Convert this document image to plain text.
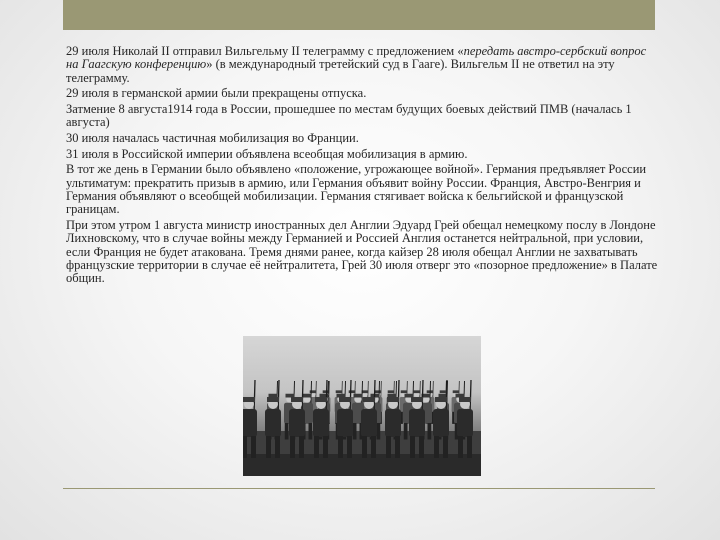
29 июля Николай II отправил Вильгельму II телеграмму с предложением «передать австро-сербский вопрос на Гаагскую конференцию» (в международный третейский суд в Гааге). Вильгельм II не ответил на эту телеграмму.

29 июля в германской армии были прекращены отпуска.

Затмение 8 августа1914 года в России, прошедшее по местам будущих боевых действий ПМВ (началась 1 августа)

30 июля началась частичная мобилизация во Франции.

31 июля в Российской империи объявлена всеобщая мобилизация в армию.

В тот же день в Германии было объявлено «положение, угрожающее войной». Германия предъявляет России ультиматум: прекратить призыв в армию, или Германия объявит войну России. Франция, Австро-Венгрия и Германия объявляют о всеобщей мобилизации. Германия стягивает войска к бельгийской и французской границам.

При этом утром 1 августа министр иностранных дел Англии Эдуард Грей обещал немецкому послу в Лондоне Лихновскому, что в случае войны между Германией и Россией Англия останется нейтральной, при условии, если Франция не будет атакована. Тремя днями ранее, когда кайзер 28 июля обещал Англии не захватывать французские территории в случае её нейтралитета, Грей 30 июля отверг это «позорное предложение» в Палате общин.
